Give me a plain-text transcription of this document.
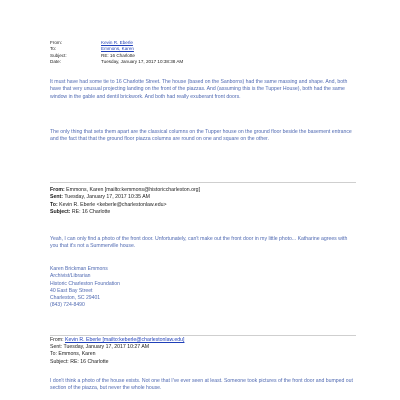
From:	Kevin R. Eberle
To:	Emmons, Karen
Subject:	RE: 16 Charlotte
Date:	Tuesday, January 17, 2017 10:38:38 AM

It must have had some tie to 16 Charlotte Street. The house (based on the Sanborns) had the same massing and shape. And, both have that very unusual projecting landing on the front of the piazzas. And (assuming this is the Tupper House), both had the same window in the gable and dentil brickwork. And both had really exuberant front doors.

The only thing that sets them apart are the classical columns on the Tupper house on the ground floor beside the basement entrance and the fact that that the ground floor piazza columns are round on one and square on the other.

From: Emmons, Karen [mailto:kemmons@historiccharleston.org]
Sent: Tuesday, January 17, 2017 10:35 AM
To: Kevin R. Eberle <keberle@charlestonlaw.edu>
Subject: RE: 16 Charlotte
Yeah, I can only find a photo of the front door. Unfortunately, can't make out the front door in my little photo... Katharine agrees with you that it's not a Summerville house.
Karen Brickman Emmons
Archivist/Librarian
Historic Charleston Foundation
40 East Bay Street
Charleston, SC 29401
(843) 724-8490
From: Kevin R. Eberle [mailto:keberle@charlestonlaw.edu]
Sent: Tuesday, January 17, 2017 10:27 AM
To: Emmons, Karen
Subject: RE: 16 Charlotte
I don't think a photo of the house exists. Not one that I've ever seen at least. Someone took pictures of the front door and bumped out section of the piazza, but never the whole house.
